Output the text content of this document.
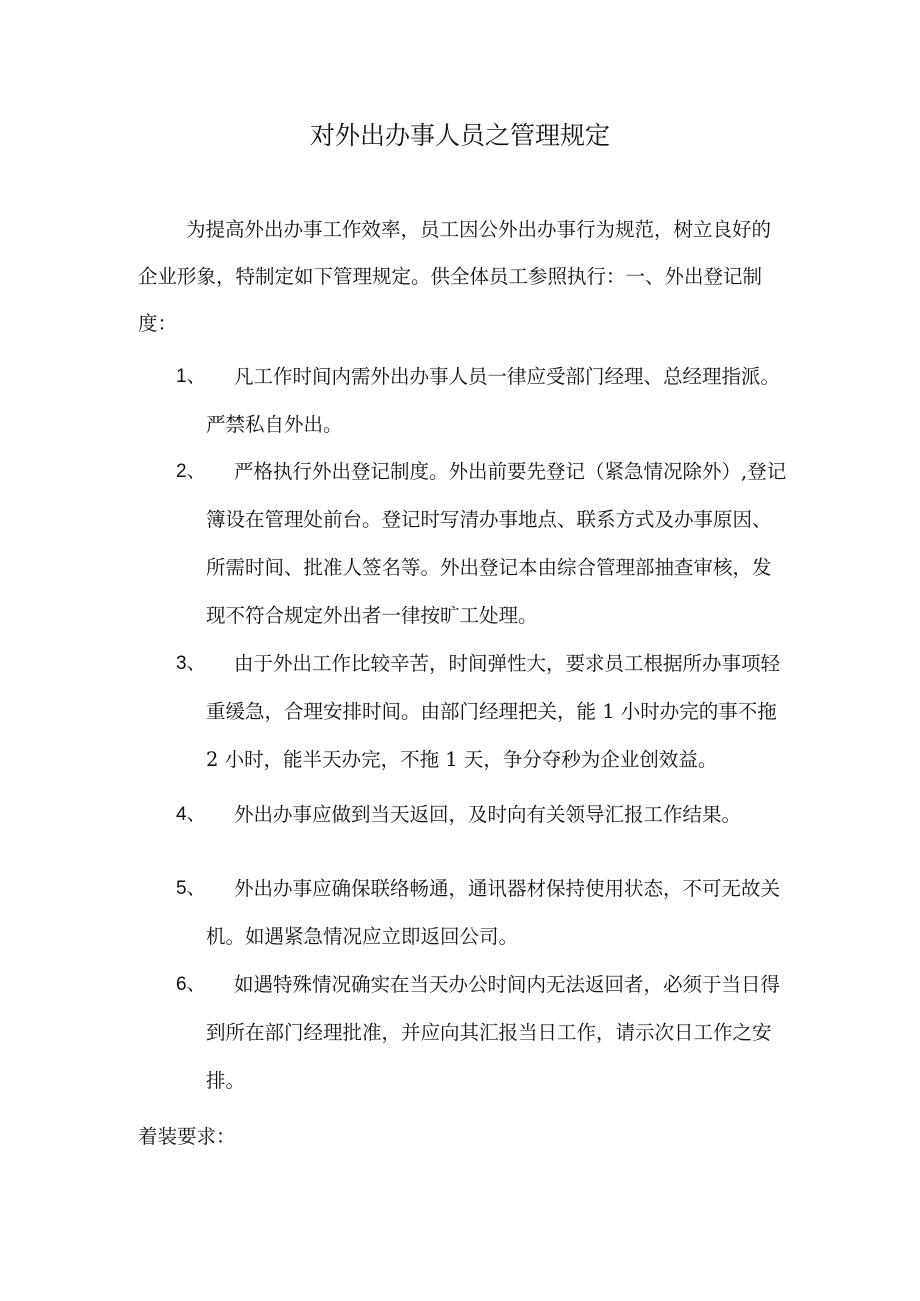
对外出办事人员之管理规定

为提高外出办事工作效率，员工因公外出办事行为规范，树立良好的企业形象，特制定如下管理规定。供全体员工参照执行：一、外出登记制度：

1、	凡工作时间内需外出办事人员一律应受部门经理、总经理指派。严禁私自外出。

2、	严格执行外出登记制度。外出前要先登记（紧急情况除外）,登记簿设在管理处前台。登记时写清办事地点、联系方式及办事原因、所需时间、批准人签名等。外出登记本由综合管理部抽查审核，发现不符合规定外出者一律按旷工处理。

3、	由于外出工作比较辛苦，时间弹性大，要求员工根据所办事项轻重缓急，合理安排时间。由部门经理把关，能 1 小时办完的事不拖 2 小时，能半天办完，不拖 1 天，争分夺秒为企业创效益。

4、	外出办事应做到当天返回，及时向有关领导汇报工作结果。

5、	外出办事应确保联络畅通，通讯器材保持使用状态，不可无故关机。如遇紧急情况应立即返回公司。

6、	如遇特殊情况确实在当天办公时间内无法返回者，必须于当日得到所在部门经理批准，并应向其汇报当日工作，请示次日工作之安排。

着装要求：
